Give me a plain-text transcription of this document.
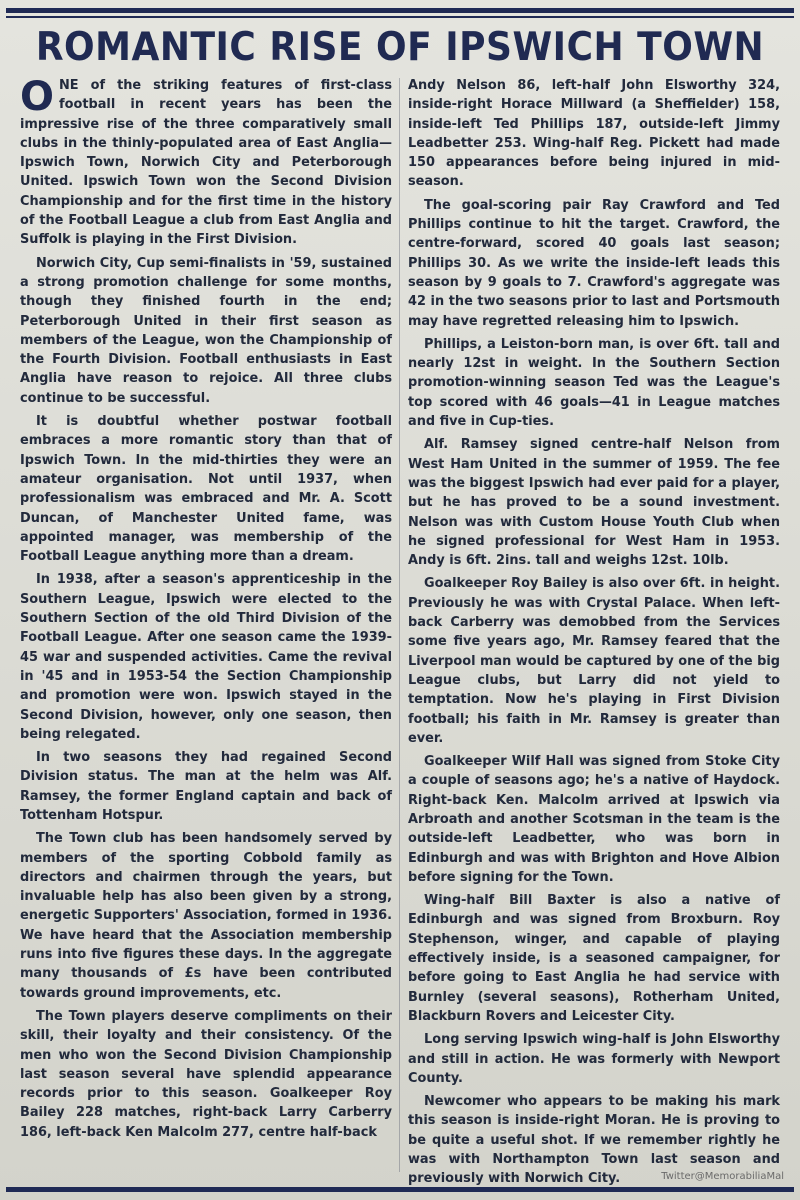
ROMANTIC RISE OF IPSWICH TOWN

ONE of the striking features of first-class football in recent years has been the impressive rise of the three comparatively small clubs in the thinly-populated area of East Anglia—Ipswich Town, Norwich City and Peterborough United. Ipswich Town won the Second Division Championship and for the first time in the history of the Football League a club from East Anglia and Suffolk is playing in the First Division.

Norwich City, Cup semi-finalists in '59, sustained a strong promotion challenge for some months, though they finished fourth in the end; Peterborough United in their first season as members of the League, won the Championship of the Fourth Division. Football enthusiasts in East Anglia have reason to rejoice. All three clubs continue to be successful.

It is doubtful whether postwar football embraces a more romantic story than that of Ipswich Town. In the mid-thirties they were an amateur organisation. Not until 1937, when professionalism was embraced and Mr. A. Scott Duncan, of Manchester United fame, was appointed manager, was membership of the Football League anything more than a dream.

In 1938, after a season's apprenticeship in the Southern League, Ipswich were elected to the Southern Section of the old Third Division of the Football League. After one season came the 1939-45 war and suspended activities. Came the revival in '45 and in 1953-54 the Section Championship and promotion were won. Ipswich stayed in the Second Division, however, only one season, then being relegated.

In two seasons they had regained Second Division status. The man at the helm was Alf. Ramsey, the former England captain and back of Tottenham Hotspur.

The Town club has been handsomely served by members of the sporting Cobbold family as directors and chairmen through the years, but invaluable help has also been given by a strong, energetic Supporters' Association, formed in 1936. We have heard that the Association membership runs into five figures these days. In the aggregate many thousands of £s have been contributed towards ground improvements, etc.

The Town players deserve compliments on their skill, their loyalty and their consistency. Of the men who won the Second Division Championship last season several have splendid appearance records prior to this season. Goalkeeper Roy Bailey 228 matches, right-back Larry Carberry 186, left-back Ken Malcolm 277, centre half-back

Andy Nelson 86, left-half John Elsworthy 324, inside-right Horace Millward (a Sheffielder) 158, inside-left Ted Phillips 187, outside-left Jimmy Leadbetter 253. Wing-half Reg. Pickett had made 150 appearances before being injured in mid-season.

The goal-scoring pair Ray Crawford and Ted Phillips continue to hit the target. Crawford, the centre-forward, scored 40 goals last season; Phillips 30. As we write the inside-left leads this season by 9 goals to 7. Crawford's aggregate was 42 in the two seasons prior to last and Portsmouth may have regretted releasing him to Ipswich.

Phillips, a Leiston-born man, is over 6ft. tall and nearly 12st in weight. In the Southern Section promotion-winning season Ted was the League's top scored with 46 goals—41 in League matches and five in Cup-ties.

Alf. Ramsey signed centre-half Nelson from West Ham United in the summer of 1959. The fee was the biggest Ipswich had ever paid for a player, but he has proved to be a sound investment. Nelson was with Custom House Youth Club when he signed professional for West Ham in 1953. Andy is 6ft. 2ins. tall and weighs 12st. 10lb.

Goalkeeper Roy Bailey is also over 6ft. in height. Previously he was with Crystal Palace. When left-back Carberry was demobbed from the Services some five years ago, Mr. Ramsey feared that the Liverpool man would be captured by one of the big League clubs, but Larry did not yield to temptation. Now he's playing in First Division football; his faith in Mr. Ramsey is greater than ever.

Goalkeeper Wilf Hall was signed from Stoke City a couple of seasons ago; he's a native of Haydock. Right-back Ken. Malcolm arrived at Ipswich via Arbroath and another Scotsman in the team is the outside-left Leadbetter, who was born in Edinburgh and was with Brighton and Hove Albion before signing for the Town.

Wing-half Bill Baxter is also a native of Edinburgh and was signed from Broxburn. Roy Stephenson, winger, and capable of playing effectively inside, is a seasoned campaigner, for before going to East Anglia he had service with Burnley (several seasons), Rotherham United, Blackburn Rovers and Leicester City.

Long serving Ipswich wing-half is John Elsworthy and still in action. He was formerly with Newport County.

Newcomer who appears to be making his mark this season is inside-right Moran. He is proving to be quite a useful shot. If we remember rightly he was with Northampton Town last season and previously with Norwich City.	Twitter@MemorabiliaMal
